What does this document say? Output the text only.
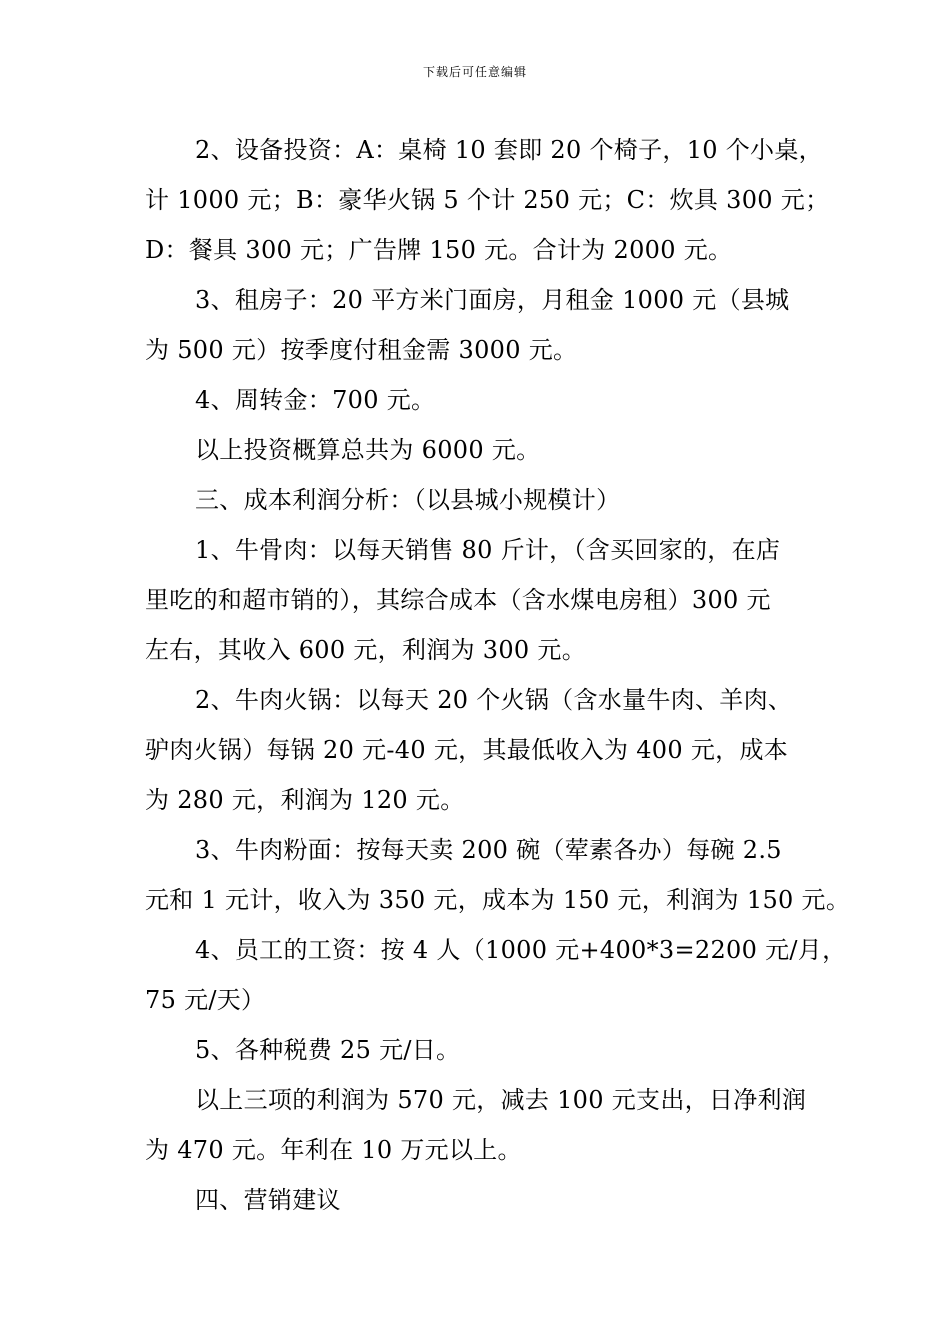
下载后可任意编辑
2、设备投资：A：桌椅 10 套即 20 个椅子，10 个小桌，
计 1000 元；B：豪华火锅 5 个计 250 元；C：炊具 300 元；
D：餐具 300 元；广告牌 150 元。合计为 2000 元。
3、租房子：20 平方米门面房，月租金 1000 元（县城
为 500 元）按季度付租金需 3000 元。
4、周转金：700 元。
以上投资概算总共为 6000 元。
三、成本利润分析：（以县城小规模计）
1、牛骨肉：以每天销售 80 斤计，（含买回家的，在店
里吃的和超市销的），其综合成本（含水煤电房租）300 元
左右，其收入 600 元，利润为 300 元。
2、牛肉火锅：以每天 20 个火锅（含水量牛肉、羊肉、
驴肉火锅）每锅 20 元-40 元，其最低收入为 400 元，成本
为 280 元，利润为 120 元。
3、牛肉粉面：按每天卖 200 碗（荤素各办）每碗 2.5
元和 1 元计，收入为 350 元，成本为 150 元，利润为 150 元。
4、员工的工资：按 4 人（1000 元+400*3=2200 元/月，
75 元/天）
5、各种税费 25 元/日。
以上三项的利润为 570 元，减去 100 元支出，日净利润
为 470 元。年利在 10 万元以上。
四、营销建议
